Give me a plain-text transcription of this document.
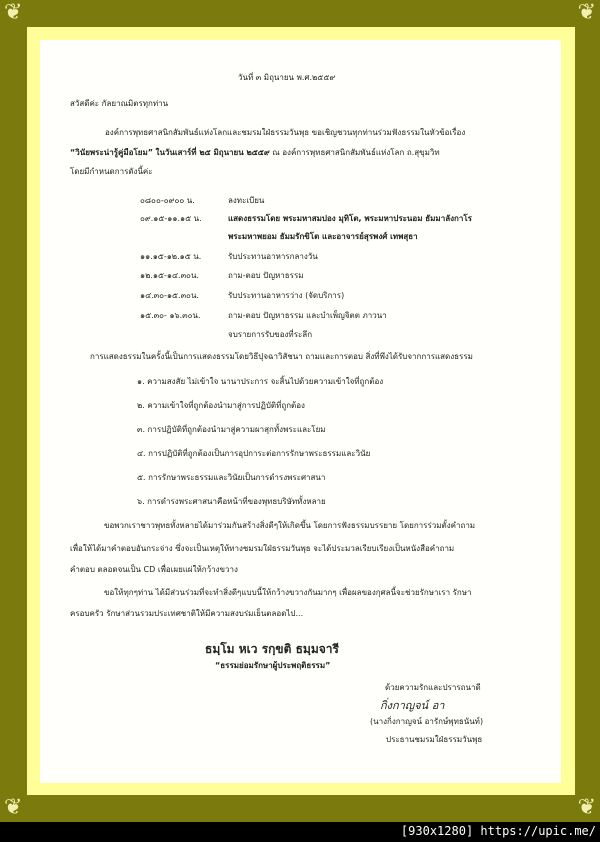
❦	❦
❦	❦
วันที่ ๓ มิถุนายน พ.ศ.๒๕๕๙
สวัสดีค่ะ กัลยาณมิตรทุกท่าน
องค์การพุทธศาสนิกสัมพันธ์แห่งโลกและชมรมใฝ่ธรรมวันพุธ ขอเชิญชวนทุกท่านร่วมฟังธรรมในหัวข้อเรื่อง
“วินัยพระน่ารู้คู่มือโยม” ในวันเสาร์ที่ ๒๕ มิถุนายน ๒๕๕๙ ณ องค์การพุทธศาสนิกสัมพันธ์แห่งโลก ถ.สุขุมวิท
โดยมีกำหนดการดังนี้ค่ะ
๐๘๐๐-๐๙๐๐ น.	ลงทะเบียน
๐๙.๑๕-๑๑.๑๕ น.	แสดงธรรมโดย พระมหาสมปอง มุทิโต, พระมหาประนอม ธัมมาลังกาโร
พระมหาพยอม ธัมมรักขิโต และอาจารย์สุรพงศ์ เทพสุธา
๑๑.๑๕-๑๒.๑๕ น.	รับประทานอาหารกลางวัน
๑๒.๑๕-๑๔.๓๐น.	ถาม-ตอบ ปัญหาธรรม
๑๔.๓๐-๑๕.๓๐น.	รับประทานอาหารว่าง (จัดบริการ)
๑๕.๓๐- ๑๖.๓๐น.	ถาม-ตอบ ปัญหาธรรม และบำเพ็ญจิตต ภาวนา
จบรายการรับของที่ระลึก
การแสดงธรรมในครั้งนี้เป็นการแสดงธรรมโดยวิธีปุจฉาวิสัชนา ถามและการตอบ สิ่งที่พึงได้รับจากการแสดงธรรม
๑. ความสงสัย ไม่เข้าใจ นานาประการ จะสิ้นไปด้วยความเข้าใจที่ถูกต้อง
๒. ความเข้าใจที่ถูกต้องนำมาสู่การปฏิบัติที่ถูกต้อง
๓. การปฏิบัติที่ถูกต้องนำมาสู่ความผาสุกทั้งพระและโยม
๔. การปฏิบัติที่ถูกต้องเป็นการอุปการะต่อการรักษาพระธรรมและวินัย
๕. การรักษาพระธรรมและวินัยเป็นการดำรงพระศาสนา
๖. การดำรงพระศาสนาคือหน้าที่ของพุทธบริษัททั้งหลาย
ขอพวกเราชาวพุทธทั้งหลายได้มาร่วมกันสร้างสิ่งดีๆให้เกิดขึ้น โดยการฟังธรรมบรรยาย โดยการร่วมตั้งคำถาม
เพื่อให้ได้มาคำตอบอันกระจ่าง ซึ่งจะเป็นเหตุให้ทางชมรมใฝ่ธรรมวันพุธ จะได้ประมวลเรียบเรียงเป็นหนังสือคำถาม
คำตอบ ตลอดจนเป็น CD เพื่อเผยแผ่ให้กว้างขวาง
ขอให้ทุกๆท่าน ได้มีส่วนร่วมที่จะทำสิ่งดีๆแบบนี้ให้กว้างขวางกันมากๆ เพื่อผลของกุศลนี้จะช่วยรักษาเรา รักษา
ครอบครัว รักษาส่วนรวมประเทศชาติให้มีความสงบร่มเย็นตลอดไป...
ธมฺโม หเว รกฺขติ ธมฺมจารี
“ธรรมย่อมรักษาผู้ประพฤติธรรม”
ด้วยความรักและปรารถนาดี
กิ่งกาญจน์ อา
(นางกิ่งกาญจน์ อารักษ์พุทธนันท์)
ประธานชมรมใฝ่ธรรมวันพุธ
[930x1280] https://upic.me/
